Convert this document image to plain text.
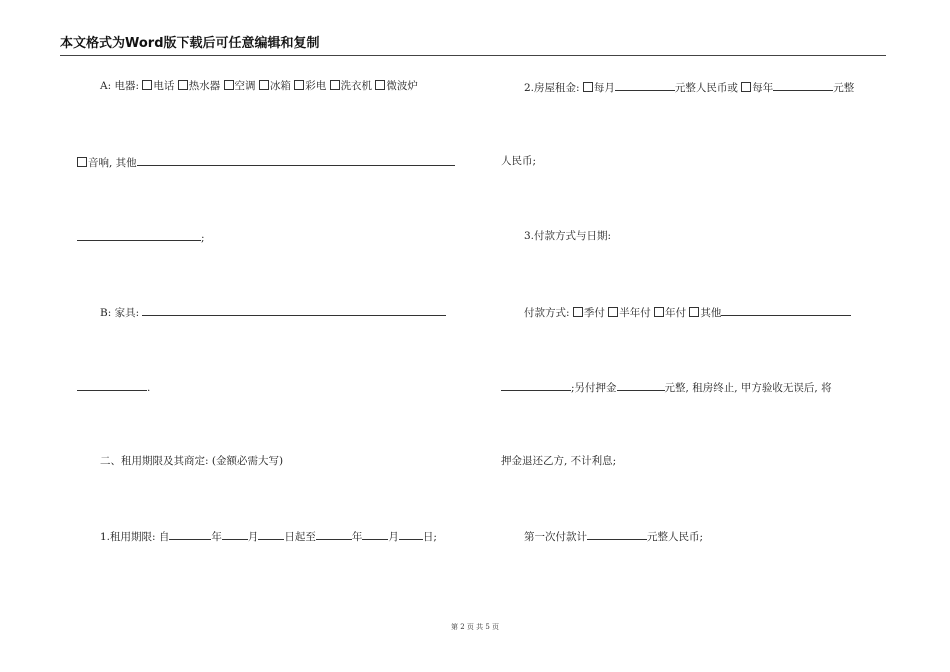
本文格式为Word版下载后可任意编辑和复制
A: 电器: 电话 热水器 空调 冰箱 彩电 洗衣机 微波炉
音响, 其他
;
B: 家具:
.
二、租用期限及其商定: (金额必需大写)
1.租用期限: 自	年 月 日起至	年 月 日;
2.房屋租金: 每月	元整人民币或 每年	元整
人民币;
3.付款方式与日期:
付款方式: 季付 半年付 年付 其他
;另付押金	元整, 租房终止, 甲方验收无误后, 将
押金退还乙方, 不计利息;
第一次付款计	元整人民币;
第 2 页 共 5 页
